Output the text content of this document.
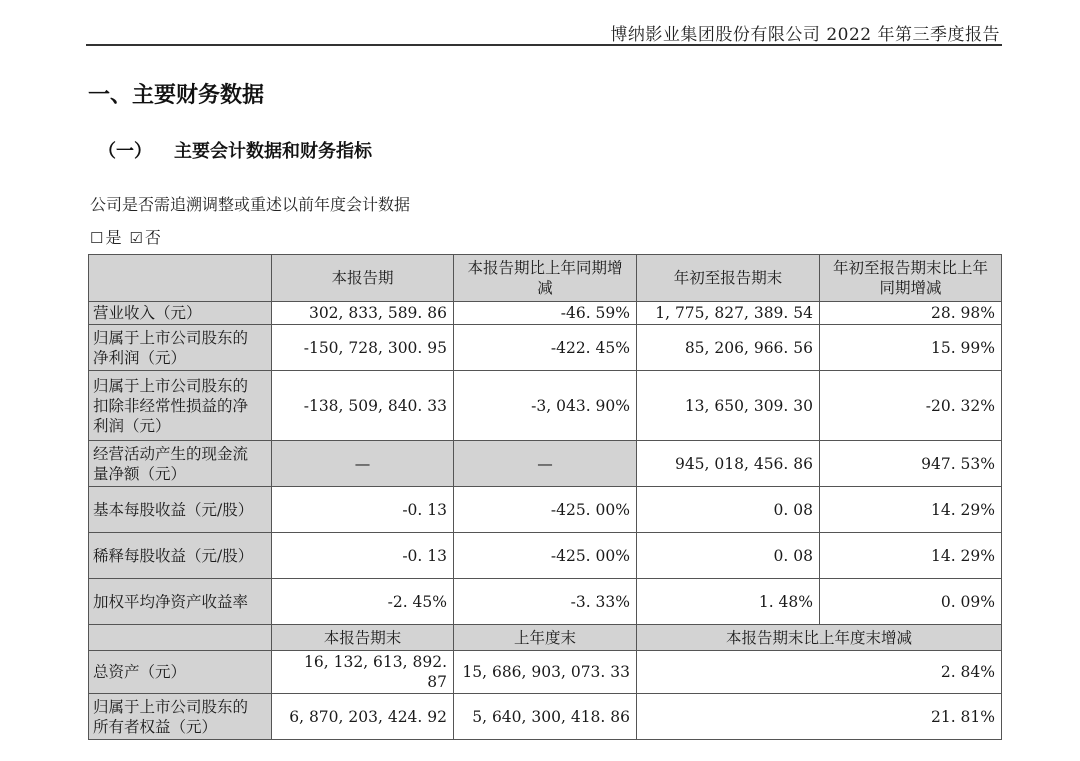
博纳影业集团股份有限公司 2022 年第三季度报告
一、主要财务数据
（一） 主要会计数据和财务指标
公司是否需追溯调整或重述以前年度会计数据
☐ 是 ☑ 否
	本报告期	本报告期比上年同期增减	年初至报告期末	年初至报告期末比上年同期增减
营业收入（元）	302, 833, 589. 86	-46. 59%	1, 775, 827, 389. 54	28. 98%
归属于上市公司股东的净利润（元）	-150, 728, 300. 95	-422. 45%	85, 206, 966. 56	15. 99%
归属于上市公司股东的扣除非经常性损益的净利润（元）	-138, 509, 840. 33	-3, 043. 90%	13, 650, 309. 30	-20. 32%
经营活动产生的现金流量净额（元）	—	—	945, 018, 456. 86	947. 53%
基本每股收益（元/股）	-0. 13	-425. 00%	0. 08	14. 29%
稀释每股收益（元/股）	-0. 13	-425. 00%	0. 08	14. 29%
加权平均净资产收益率	-2. 45%	-3. 33%	1. 48%	0. 09%
	本报告期末	上年度末	本报告期末比上年度末增减	
总资产（元）	16, 132, 613, 892. 87	15, 686, 903, 073. 33	2. 84%	
归属于上市公司股东的所有者权益（元）	6, 870, 203, 424. 92	5, 640, 300, 418. 86	21. 81%	
